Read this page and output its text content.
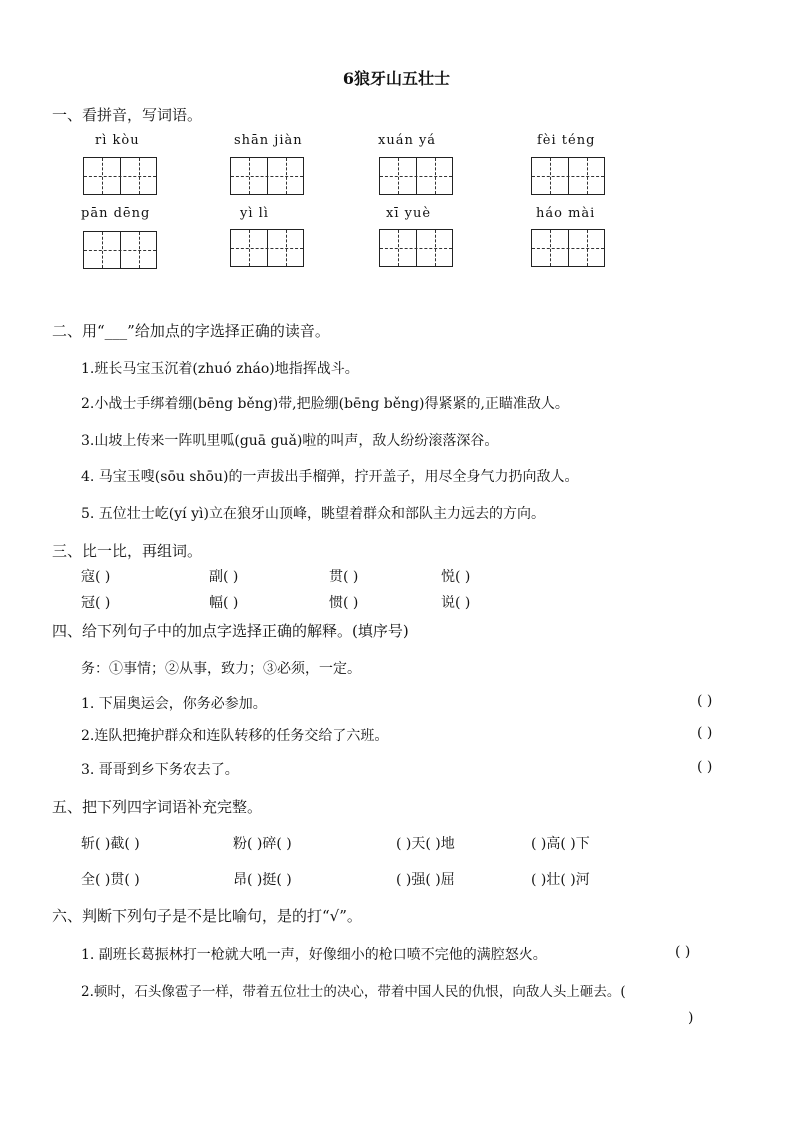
6狼牙山五壮士
一、看拼音，写词语。
rì kòu	shān jiàn	xuán yá	fèi téng
pān dēng	yì lì	xī yuè	háo mài
二、用“___”给加点的字选择正确的读音。
1.班长马宝玉沉着(zhuó zháo)地指挥战斗。
2.小战士手绑着绷(bēng běng)带,把脸绷(bēng běng)得紧紧的,正瞄准敌人。
3.山坡上传来一阵叽里呱(guā guǎ)啦的叫声，敌人纷纷滚落深谷。
4. 马宝玉嗖(sōu shōu)的一声拔出手榴弹，拧开盖子，用尽全身气力扔向敌人。
5. 五位壮士屹(yí yì)立在狼牙山顶峰，眺望着群众和部队主力远去的方向。
三、比一比，再组词。
寇( )	副( )	贯( )	悦( )
冠( )	幅( )	惯( )	说( )
四、给下列句子中的加点字选择正确的解释。(填序号)
务：①事情；②从事，致力；③必须，一定。
1. 下届奥运会，你务必参加。	( )
2.连队把掩护群众和连队转移的任务交给了六班。	( )
3. 哥哥到乡下务农去了。	( )
五、把下列四字词语补充完整。
斩( )截( )	粉( )碎( )	( )天( )地	( )高( )下
全( )贯( )	昂( )挺( )	( )强( )屈	( )壮( )河
六、判断下列句子是不是比喻句，是的打“√”。
1. 副班长葛振林打一枪就大吼一声，好像细小的枪口喷不完他的满腔怒火。	( )
2.顿时，石头像雹子一样，带着五位壮士的决心，带着中国人民的仇恨，向敌人头上砸去。(
)
